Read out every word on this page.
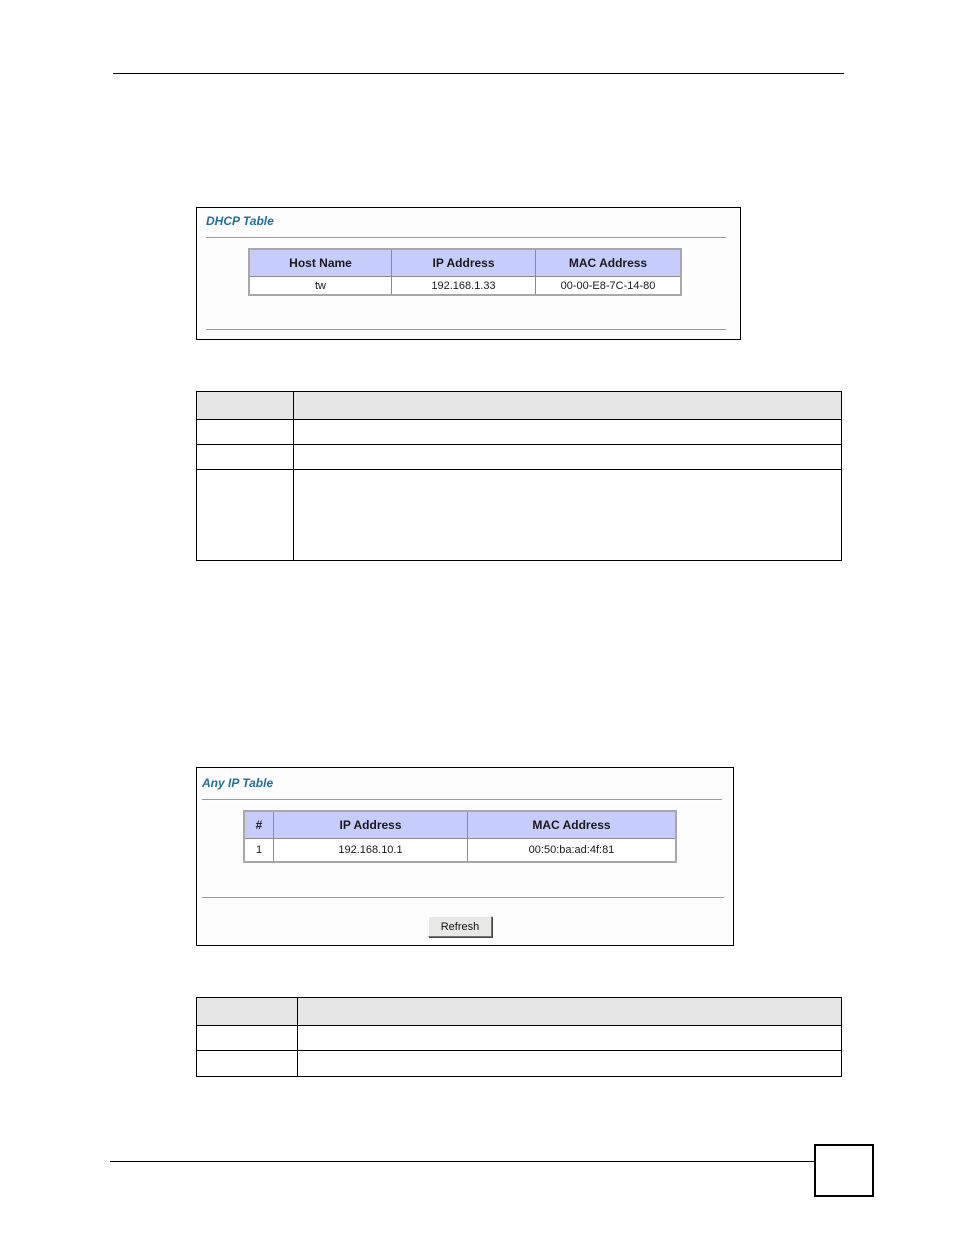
DHCP Table
Host Name	IP Address	MAC Address
tw	192.168.1.33	00-00-E8-7C-14-80

Any IP Table
#	IP Address	MAC Address
1	192.168.10.1	00:50:ba:ad:4f:81
Refresh
